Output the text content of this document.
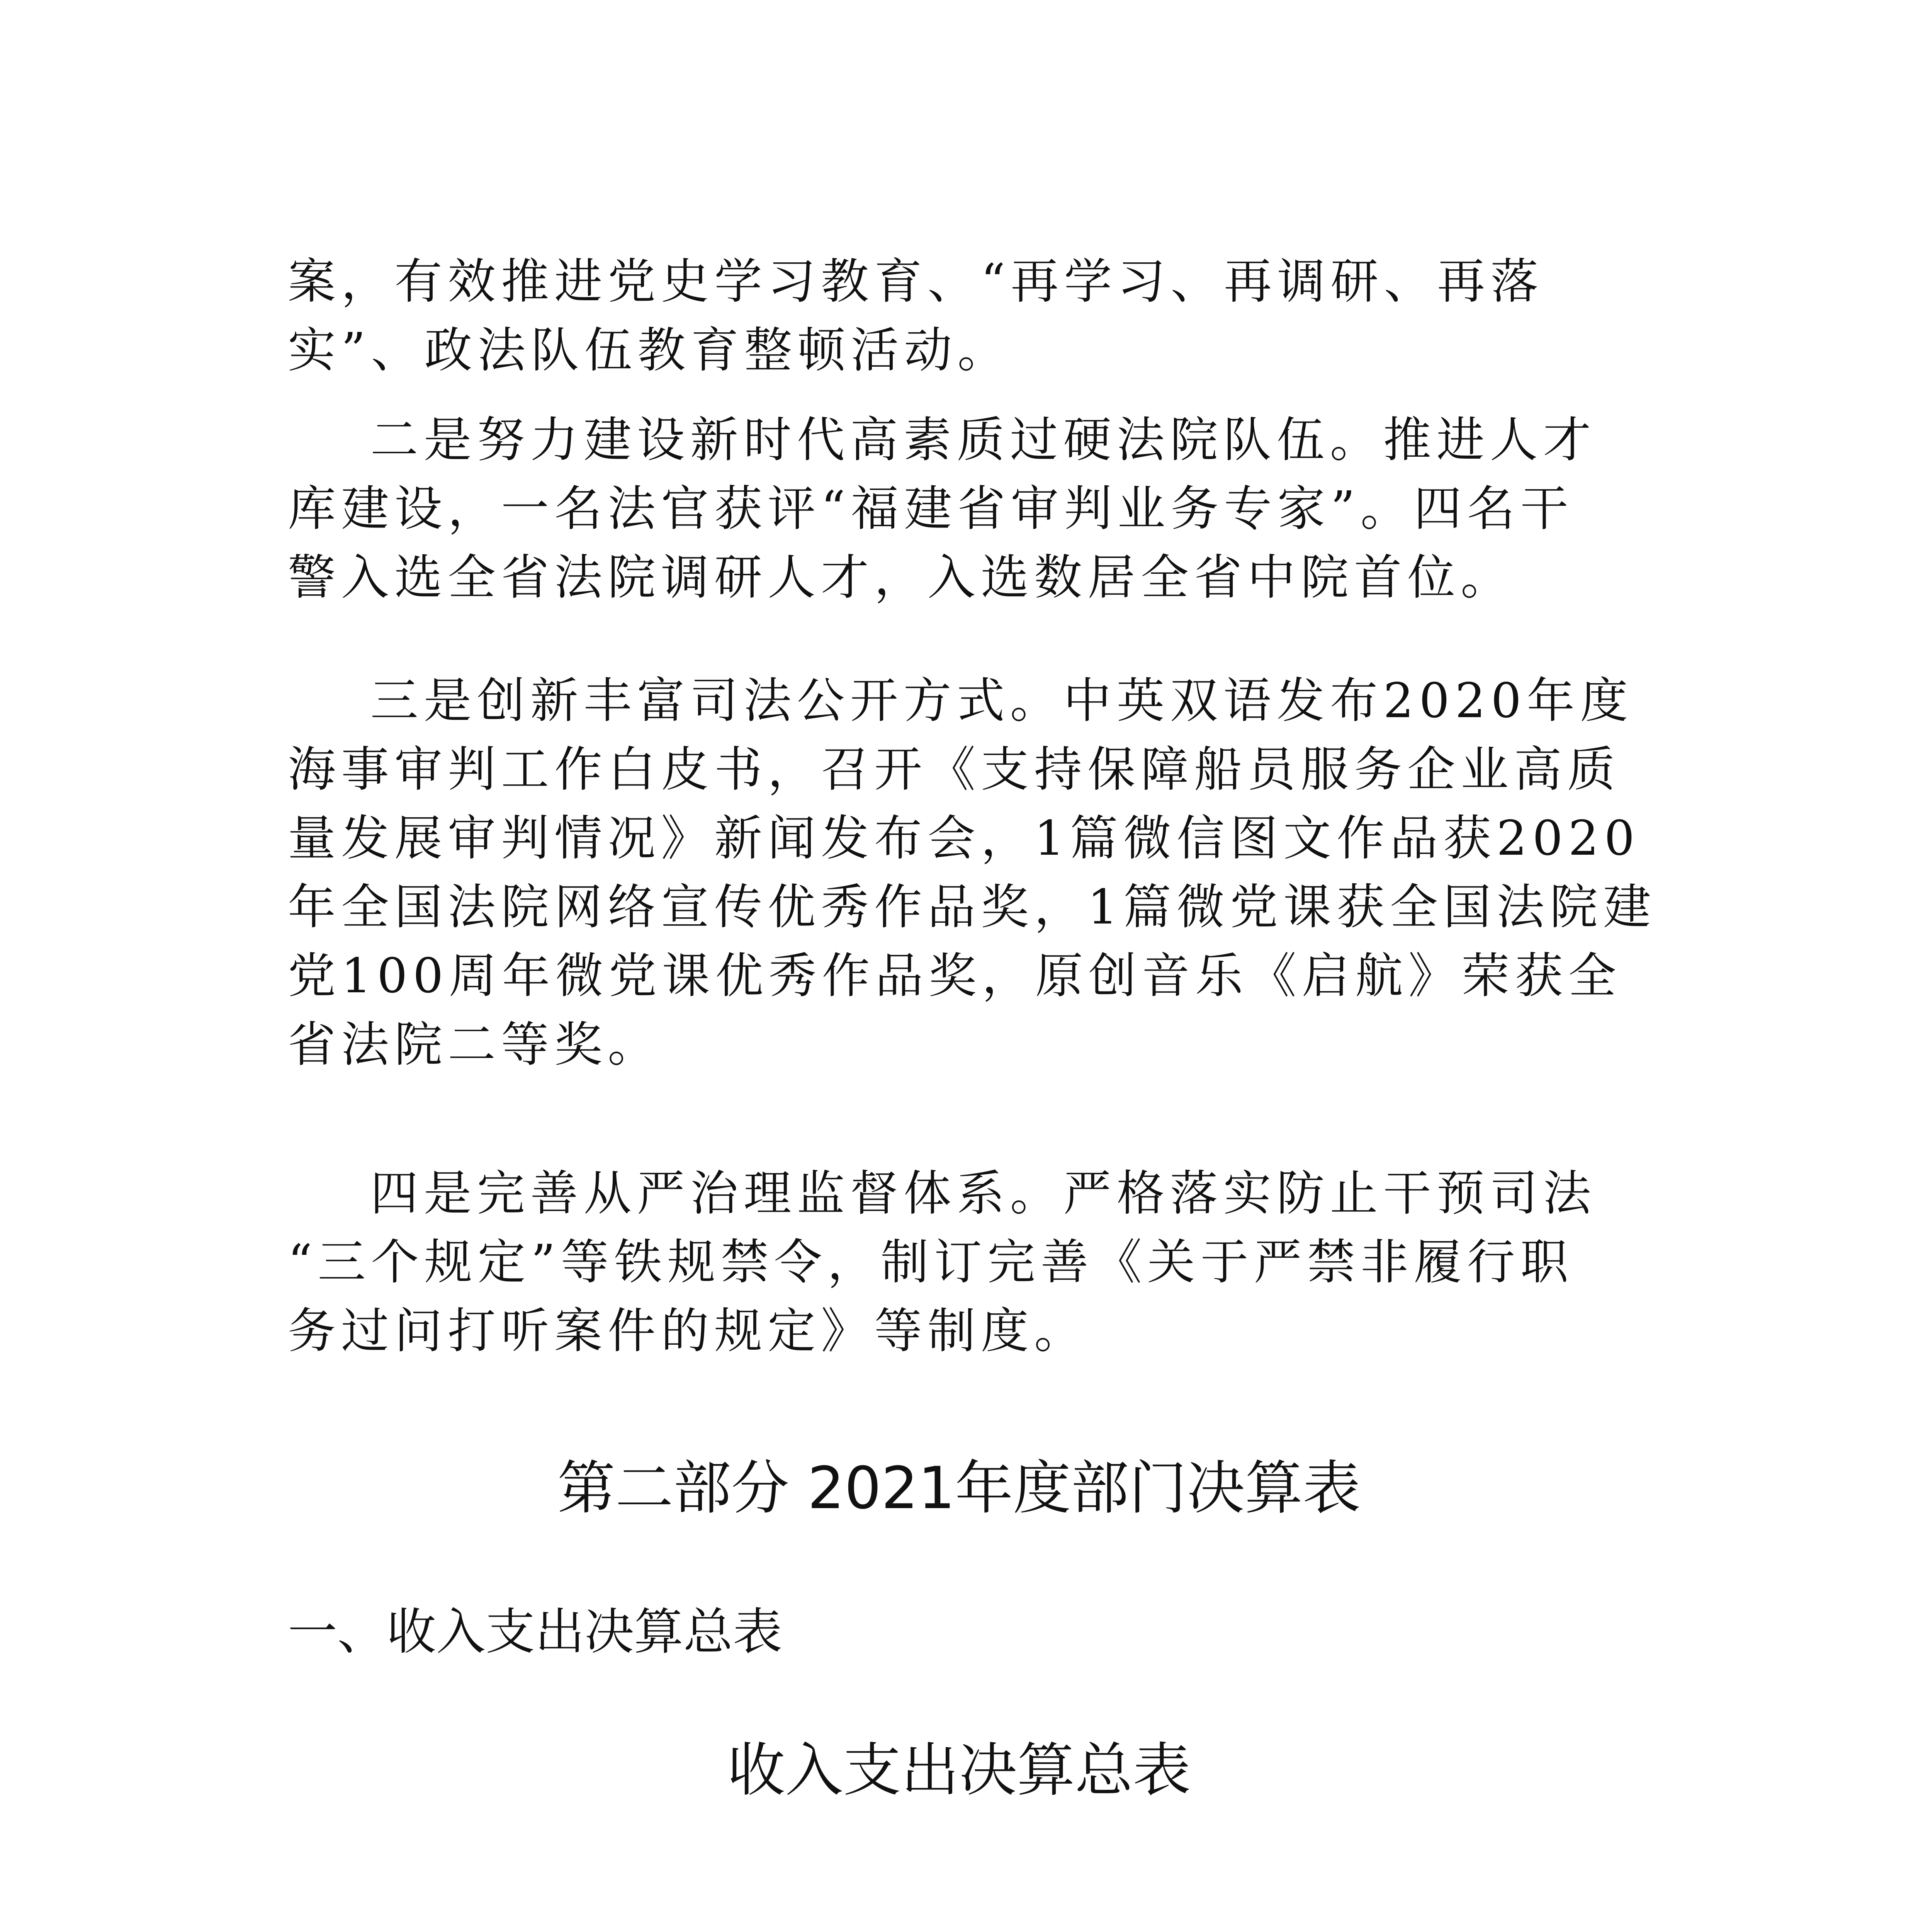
案，有效推进党史学习教育、“再学习、再调研、再落
实”、政法队伍教育整顿活动。
二是努力建设新时代高素质过硬法院队伍。推进人才
库建设，一名法官获评“福建省审判业务专家”。四名干
警入选全省法院调研人才，入选数居全省中院首位。
三是创新丰富司法公开方式。中英双语发布2020年度
海事审判工作白皮书，召开《支持保障船员服务企业高质
量发展审判情况》新闻发布会，1篇微信图文作品获2020
年全国法院网络宣传优秀作品奖，1篇微党课获全国法院建
党100周年微党课优秀作品奖，原创音乐《启航》荣获全
省法院二等奖。
四是完善从严治理监督体系。严格落实防止干预司法
“三个规定”等铁规禁令，制订完善《关于严禁非履行职
务过问打听案件的规定》等制度。
第二部分 2021年度部门决算表
一、收入支出决算总表
收入支出决算总表
